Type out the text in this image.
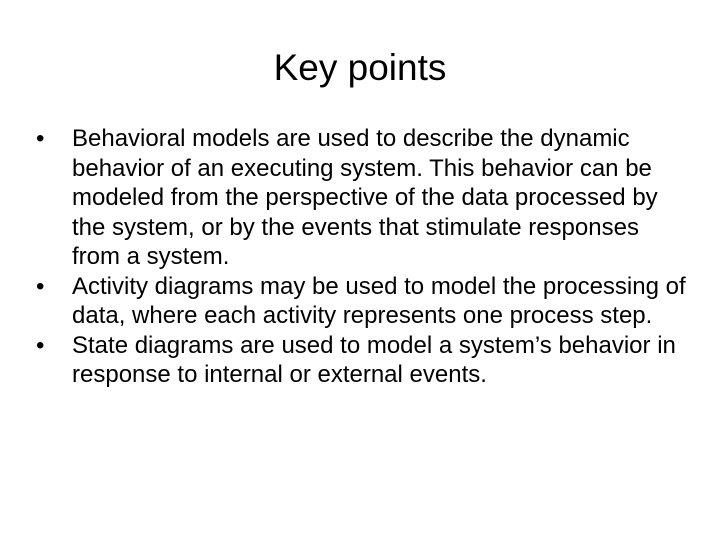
Key points
•	Behavioral models are used to describe the dynamic behavior of an executing system. This behavior can be modeled from the perspective of the data processed by the system, or by the events that stimulate responses from a system.
•	Activity diagrams may be used to model the processing of data, where each activity represents one process step.
•	State diagrams are used to model a system’s behavior in response to internal or external events.
